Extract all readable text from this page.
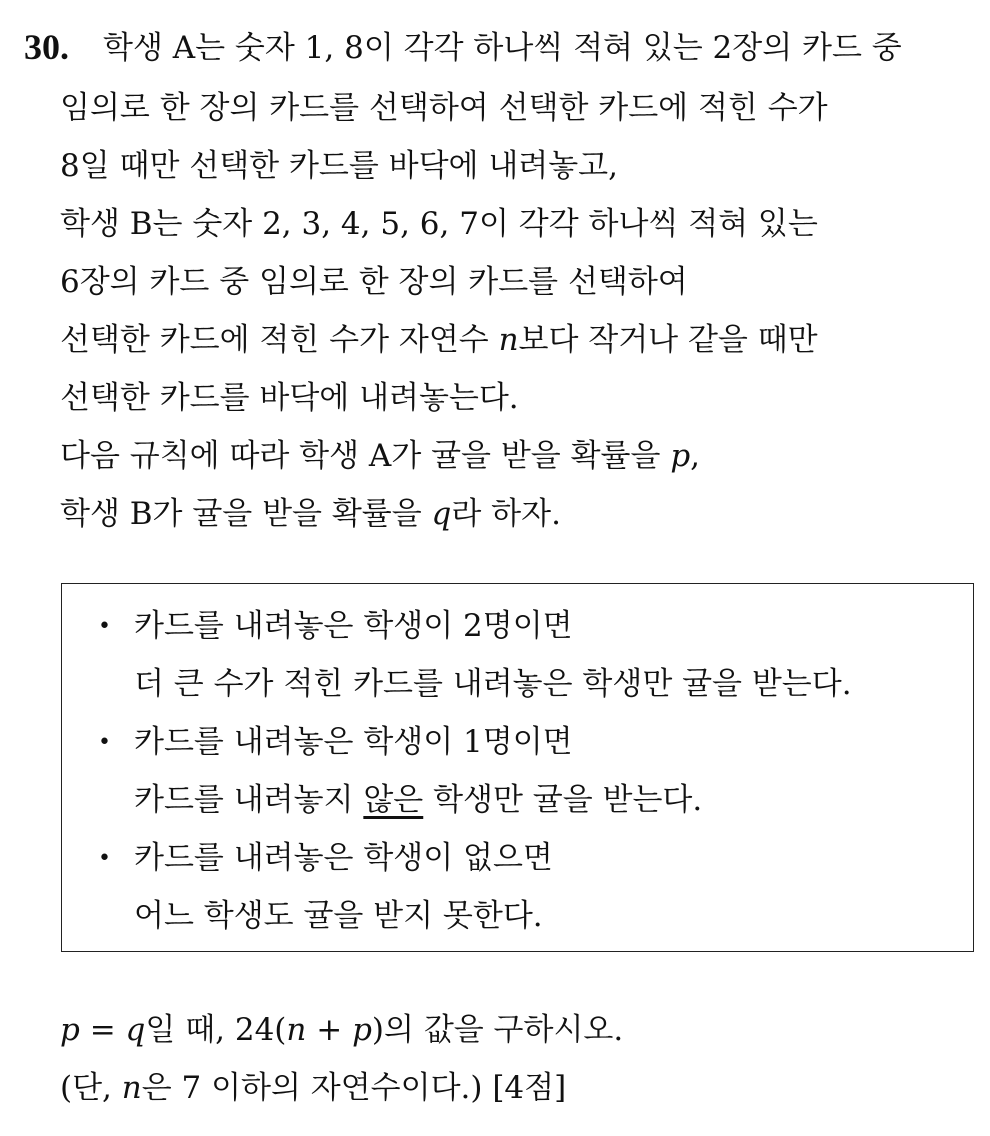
30. 학생 A는 숫자 1, 8이 각각 하나씩 적혀 있는 2장의 카드 중
임의로 한 장의 카드를 선택하여 선택한 카드에 적힌 수가
8일 때만 선택한 카드를 바닥에 내려놓고,
학생 B는 숫자 2, 3, 4, 5, 6, 7이 각각 하나씩 적혀 있는
6장의 카드 중 임의로 한 장의 카드를 선택하여
선택한 카드에 적힌 수가 자연수 n보다 작거나 같을 때만
선택한 카드를 바닥에 내려놓는다.
다음 규칙에 따라 학생 A가 귤을 받을 확률을 p,
학생 B가 귤을 받을 확률을 q라 하자.
• 카드를 내려놓은 학생이 2명이면
더 큰 수가 적힌 카드를 내려놓은 학생만 귤을 받는다.
• 카드를 내려놓은 학생이 1명이면
카드를 내려놓지 않은 학생만 귤을 받는다.
• 카드를 내려놓은 학생이 없으면
어느 학생도 귤을 받지 못한다.
p = q일 때, 24(n + p)의 값을 구하시오.
(단, n은 7 이하의 자연수이다.) [4점]
